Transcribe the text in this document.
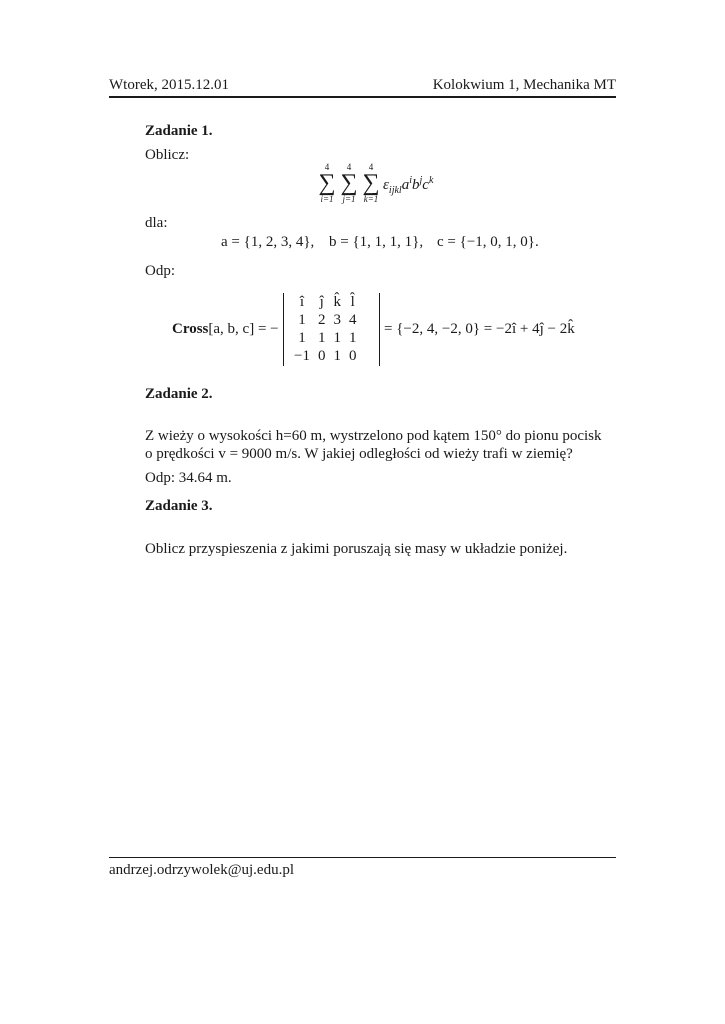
Wtorek, 2015.12.01	Kolokwium 1, Mechanika MT
Zadanie 1.
Oblicz:
4
∑
i=1
4
∑
j=1
4
∑
k=1
$\varepsilon_{ijkl}a^ib^jc^k$
dla:
a = {1, 2, 3, 4}, b = {1, 1, 1, 1}, c = {−1, 0, 1, 0}.
Odp:
Cross[a, b, c] = −
î	ĵ	k̂	l̂
1	2	3	4
1	1	1	1
−1	0	1	0
= {−2, 4, −2, 0} = −2î + 4ĵ − 2k̂
Zadanie 2.
Z wieży o wysokości h=60 m, wystrzelono pod kątem 150° do pionu pocisk
o prędkości v = 9000 m/s. W jakiej odległości od wieży trafi w ziemię?
Odp: 34.64 m.
Zadanie 3.
Oblicz przyspieszenia z jakimi poruszają się masy w układzie poniżej.
andrzej.odrzywolek@uj.edu.pl
